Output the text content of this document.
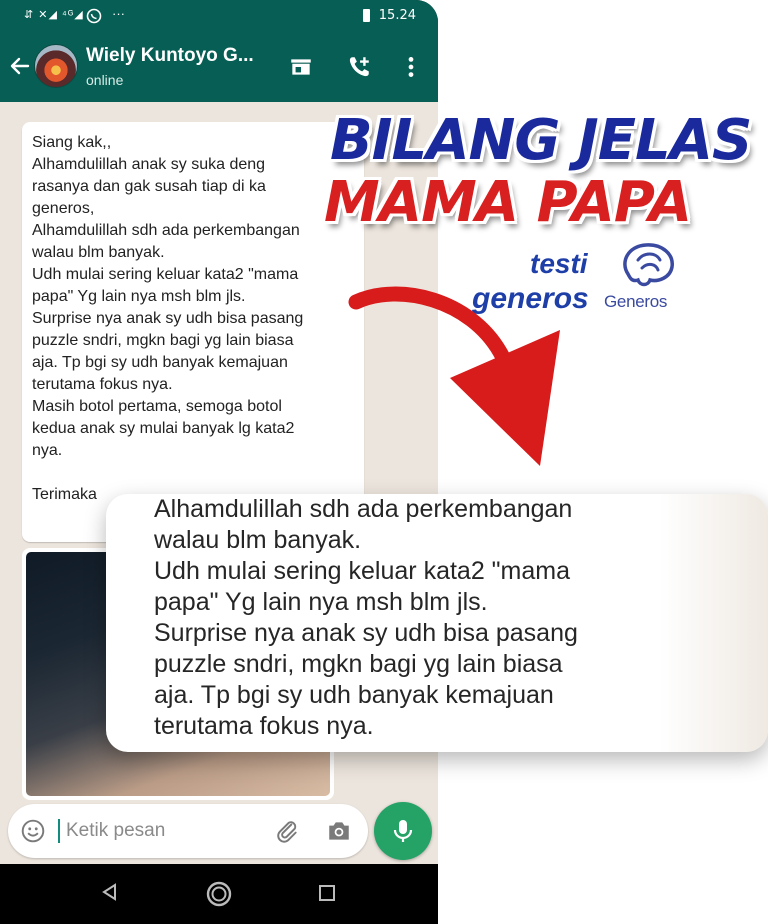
⇵ ✕◢ ⁴ᴳ◢ ···	15.24
Wiely Kuntoyo G...
online
Siang kak,,
Alhamdulillah anak sy suka deng
rasanya dan gak susah tiap di ka
generos,
Alhamdulillah sdh ada perkembangan
walau blm banyak.
Udh mulai sering keluar kata2 "mama
papa" Yg lain nya msh blm jls.
Surprise nya anak sy udh bisa pasang
puzzle sndri, mgkn bagi yg lain biasa
aja. Tp bgi sy udh banyak kemajuan
terutama fokus nya.
Masih botol pertama, semoga botol
kedua anak sy mulai banyak lg kata2
nya.
Terimaka
Ketik pesan
BILANG JELAS
MAMA PAPA
testi
generos Generos
Alhamdulillah sdh ada perkembangan
walau blm banyak.
Udh mulai sering keluar kata2 "mama
papa" Yg lain nya msh blm jls.
Surprise nya anak sy udh bisa pasang
puzzle sndri, mgkn bagi yg lain biasa
aja. Tp bgi sy udh banyak kemajuan
terutama fokus nya.
